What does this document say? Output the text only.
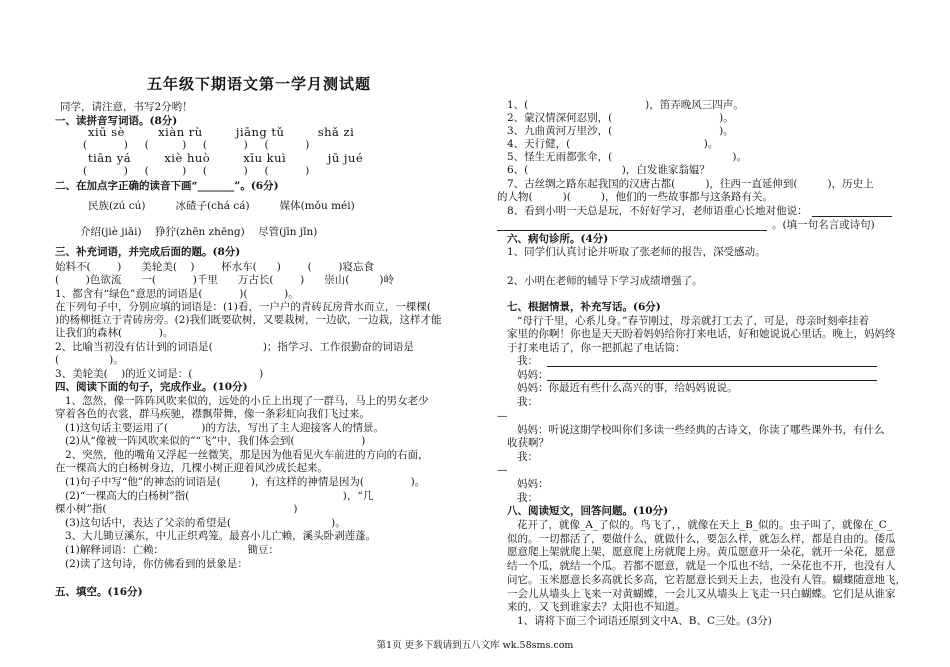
五年级下期语文第一学月测试题
同学，请注意，书写2分哟！
一、读拼音写词语。(8分)
xiū sè        xiàn rù        jiāng tǔ        shǎ zi
(           )     (          )     (           )     (           )
tiān yá        xiè huò        xīu kuì          jū jué
(           )     (          )     (           )     (           )
二、在加点字正确的读音下画“_______”。(6分)
民族(zú cú)         冰碴子(chá cá)         媒体(mǒu méi)
介绍(jiè jiāi)    狰狞(zhēn zhēng)    尽管(jīn jǐn)
三、补充词语，并完成后面的题。(8分)
始料不(        )      美轮美(    )        杯水车(      )        (        )寝忘食
(        )色欲流      一(           )千里      万古长(        )      崇山(         )岭
1、都含有“绿色”意思的词语是(           )(           )。
在下列句子中，分别应填的词语是：(1)看，一户户的青砖瓦房背水而立，一棵棵(
)的杨柳挺立于青砖房旁。(2)我们既要砍树，又要栽树，一边砍，一边栽，这样才能
让我们的森林(           )。
2、比喻当初没有估计到的词语是(               )；指学习、工作很勤奋的词语是
(               )。
3、美轮美(    )的近义词是：(                    )
四、阅读下面的句子，完成作业。(10分)
1、忽然，像一阵阵风吹来似的，远处的小丘上出现了一群马，马上的男女老少
穿着各色的衣裳，群马疾驰，襟飘带舞，像一条彩虹向我们飞过来。
(1)这句话主要运用了(          )的方法，写出了主人迎接客人的情景。
(2)从“像被一阵风吹来似的”“飞”中，我们体会到(                    )
2、突然，他的嘴角又浮起一丝微笑，那是因为他看见火车前进的方向的右面，
在一棵高大的白杨树身边，几棵小树正迎着风沙成长起来。
(1)句子中写“他”的神态的词语是(         )，有这样的神情是因为(              )。
(2)“一棵高大的白杨树”指(                                              )，“几
棵小树”指(                                                        )
(3)这句话中，表达了父亲的希望是(                              )。
3、大儿锄豆溪东，中儿正织鸡笼。最喜小儿亡赖，溪头卧剥莲蓬。
(1)解释词语：亡赖：                         锄豆：
(2)读了这句诗，你仿佛看到的景象是：
五、填空。(16分)
1、(                                   )，笛弄晚风三四声。
2、蒙汉情深何忍别，(                                )。
3、九曲黄河万里沙，(                                )。
4、天行健，(                                        )。
5、怪生无雨都张伞，(                                    )。
6、(                            )，白发谁家翁媪？
7、古丝绸之路东起我国的汉唐古都(         )，往西一直延伸到(         )，历史上
的人物(         )(         )，他们的一些故事都与这条路有关。
8、看到小明一天总是玩，不好好学习，老师语重心长地对他说：
。(填一句名言或诗句)
六、病句诊所。(4分)
1、同学们认真讨论并听取了张老师的报告，深受感动。
2、小明在老师的辅导下学习成绩增强了。
七、根据情景，补充写话。(6分)
“母行千里，心系儿身。”春节刚过，母亲就打工去了，可是，母亲时刻牵挂着
家里的你啊！你也是天天盼着妈妈给你打来电话，好和她说说心里话。晚上，妈妈终
于打来电话了，你一把抓起了电话筒：
我：
妈妈：
妈妈：你最近有些什么高兴的事，给妈妈说说。
我：
—
妈妈：听说这期学校叫你们多读一些经典的古诗文，你读了哪些课外书，有什么
收获啊？
我：
—
妈妈：
我：
八、阅读短文，回答问题。(10分)
花开了，就像_A_了似的。鸟飞了，，就像在天上_B_似的。虫子叫了，就像在_C_
似的。一切都活了，要做什么，就做什么，要怎么样，就怎么样，都是自由的。倭瓜
愿意爬上架就爬上架，愿意爬上房就爬上房。黄瓜愿意开一朵花，就开一朵花，愿意
结一个瓜，就结一个瓜。若都不愿意，就是一个瓜也不结，一朵花也不开，也没有人
问它。玉米愿意长多高就长多高，它若愿意长到天上去，也没有人管。蝴蝶随意地飞，
一会儿从墙头上飞来一对黄蝴蝶，一会儿又从墙头上飞走一只白蝴蝶。它们是从谁家
来的，又飞到谁家去？太阳也不知道。
1、请将下面三个词语还原到文中A、B、C三处。(3分)
第1页 更多下载请到五八文库 wk.58sms.com
